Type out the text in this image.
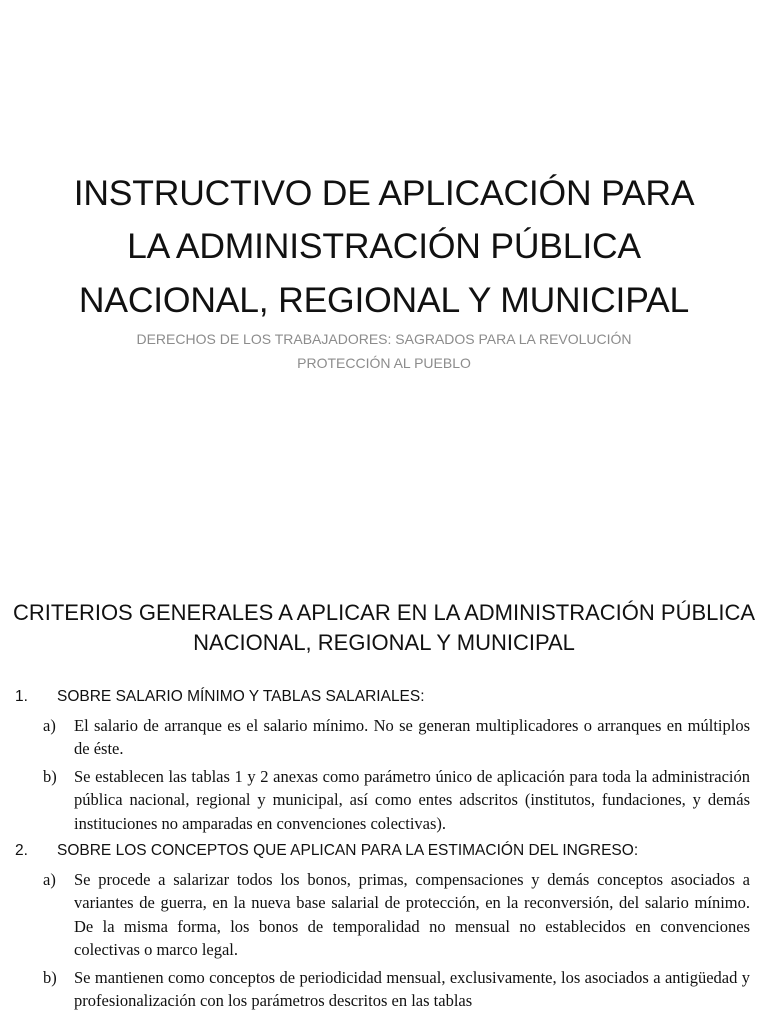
INSTRUCTIVO DE APLICACIÓN PARA
LA ADMINISTRACIÓN PÚBLICA
NACIONAL, REGIONAL Y MUNICIPAL
DERECHOS DE LOS TRABAJADORES: SAGRADOS PARA LA REVOLUCIÓN
PROTECCIÓN AL PUEBLO
CRITERIOS GENERALES A APLICAR EN LA ADMINISTRACIÓN PÚBLICA
NACIONAL, REGIONAL Y MUNICIPAL
1.	SOBRE SALARIO MÍNIMO Y TABLAS SALARIALES:
a)	El salario de arranque es el salario mínimo. No se generan multiplicadores o arranques en múltiplos de éste.
b)	Se establecen las tablas 1 y 2 anexas como parámetro único de aplicación para toda la administración pública nacional, regional y municipal, así como entes adscritos (institutos, fundaciones, y demás instituciones no amparadas en convenciones colectivas).
2.	SOBRE LOS CONCEPTOS QUE APLICAN PARA LA ESTIMACIÓN DEL INGRESO:
a)	Se procede a salarizar todos los bonos, primas, compensaciones y demás conceptos asociados a variantes de guerra, en la nueva base salarial de protección, en la reconversión, del salario mínimo. De la misma forma, los bonos de temporalidad no mensual no establecidos en convenciones colectivas o marco legal.
b)	Se mantienen como conceptos de periodicidad mensual, exclusivamente, los asociados a antigüedad y profesionalización con los parámetros descritos en las tablas
